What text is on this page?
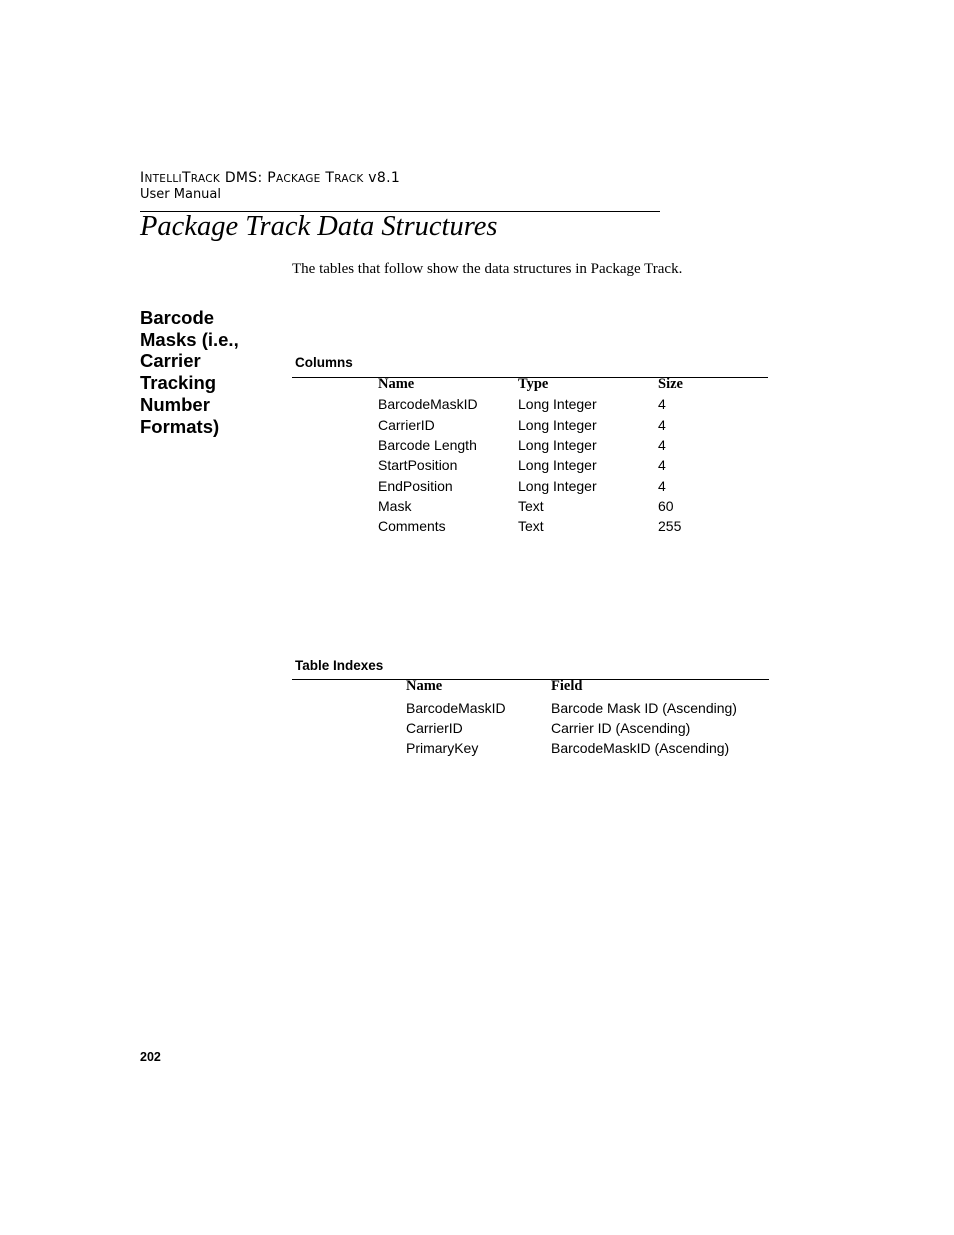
INTELLITRACK DMS: PACKAGE TRACK v8.1
User Manual
Package Track Data Structures
The tables that follow show the data structures in Package Track.
Barcode Masks (i.e., Carrier Tracking Number Formats)
Columns
Name	Type	Size
BarcodeMaskID	Long Integer	4
CarrierID	Long Integer	4
Barcode Length	Long Integer	4
StartPosition	Long Integer	4
EndPosition	Long Integer	4
Mask	Text	60
Comments	Text	255
Table Indexes
Name	Field
BarcodeMaskID	Barcode Mask ID (Ascending)
CarrierID	Carrier ID (Ascending)
PrimaryKey	BarcodeMaskID (Ascending)
202
